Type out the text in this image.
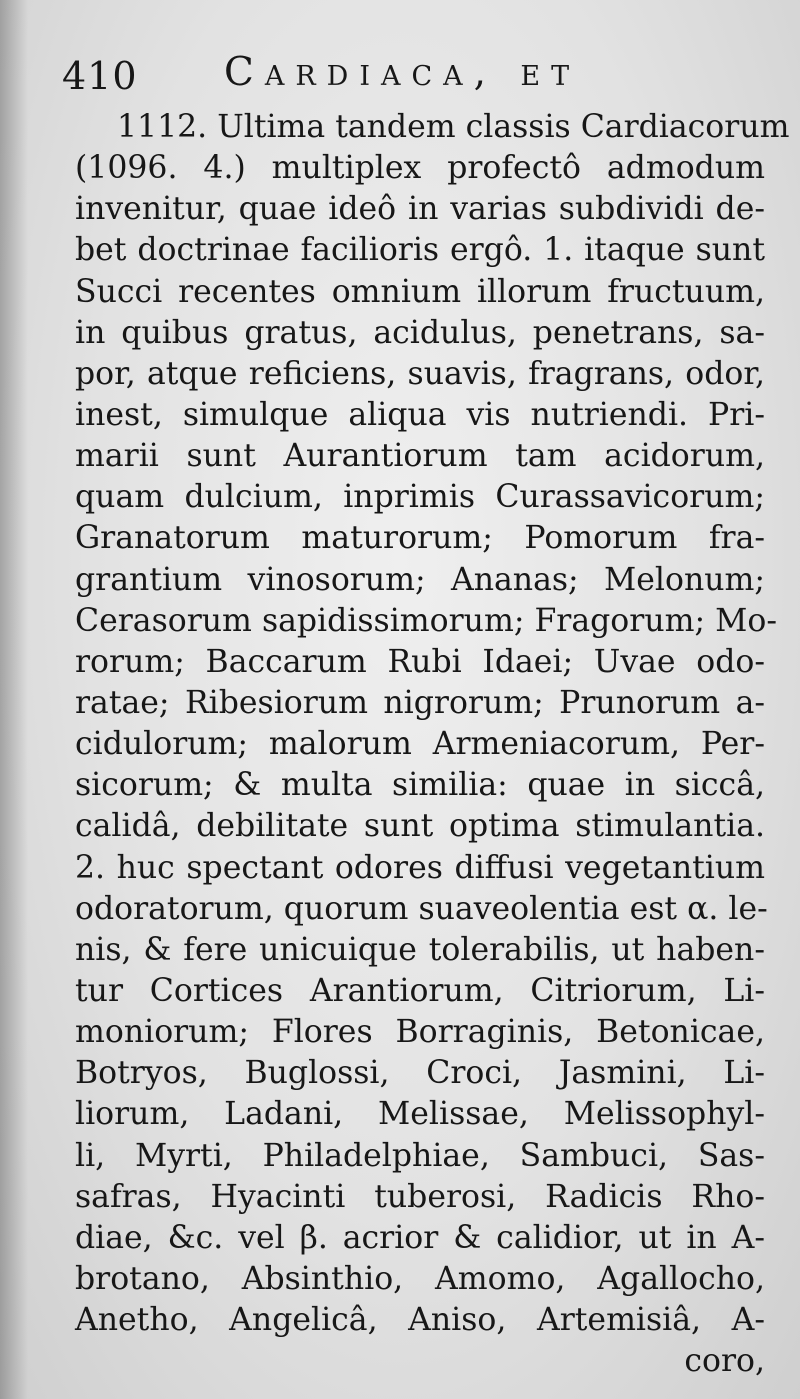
410 Cardiaca, et
1112. Ultima tandem classis Cardiacorum
(1096. 4.) multiplex profectô admodum
invenitur, quae ideô in varias subdividi de-
bet doctrinae facilioris ergô. 1. itaque sunt
Succi recentes omnium illorum fructuum,
in quibus gratus, acidulus, penetrans, sa-
por, atque reficiens, suavis, fragrans, odor,
inest, simulque aliqua vis nutriendi. Pri-
marii sunt Aurantiorum tam acidorum,
quam dulcium, inprimis Curassavicorum;
Granatorum maturorum; Pomorum fra-
grantium vinosorum; Ananas; Melonum;
Cerasorum sapidissimorum; Fragorum; Mo-
rorum; Baccarum Rubi Idaei; Uvae odo-
ratae; Ribesiorum nigrorum; Prunorum a-
cidulorum; malorum Armeniacorum, Per-
sicorum; & multa similia: quae in siccâ,
calidâ, debilitate sunt optima stimulantia.
2. huc spectant odores diffusi vegetantium
odoratorum, quorum suaveolentia est α. le-
nis, & fere unicuique tolerabilis, ut haben-
tur Cortices Arantiorum, Citriorum, Li-
moniorum; Flores Borraginis, Betonicae,
Botryos, Buglossi, Croci, Jasmini, Li-
liorum, Ladani, Melissae, Melissophyl-
li, Myrti, Philadelphiae, Sambuci, Sas-
safras, Hyacinti tuberosi, Radicis Rho-
diae, &c. vel β. acrior & calidior, ut in A-
brotano, Absinthio, Amomo, Agallocho,
Anetho, Angelicâ, Aniso, Artemisiâ, A-
coro,
